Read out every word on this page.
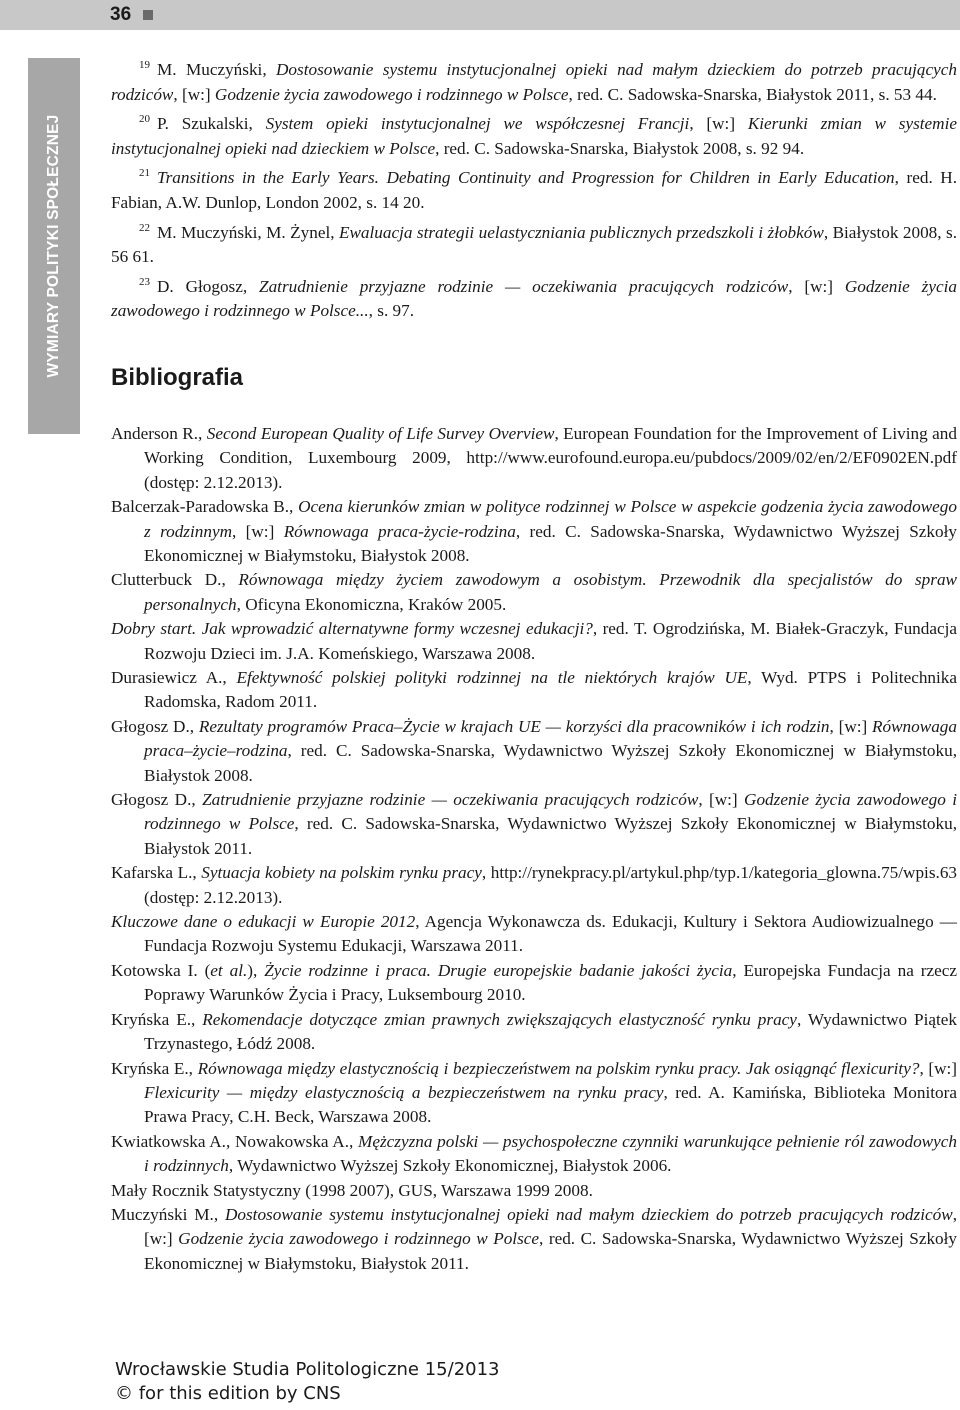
36
WYMIARY POLITYKI SPOŁECZNEJ

$^{19}$ M. Muczyński, Dostosowanie systemu instytucjonalnej opieki nad małym dzieckiem do potrzeb pracujących rodziców, [w:] Godzenie życia zawodowego i rodzinnego w Polsce, red. C. Sadowska-Snarska, Białystok 2011, s. 53 44.

$^{20}$ P. Szukalski, System opieki instytucjonalnej we współczesnej Francji, [w:] Kierunki zmian w systemie instytucjonalnej opieki nad dzieckiem w Polsce, red. C. Sadowska-Snarska, Białystok 2008, s. 92 94.

$^{21}$ Transitions in the Early Years. Debating Continuity and Progression for Children in Early Education, red. H. Fabian, A.W. Dunlop, London 2002, s. 14 20.

$^{22}$ M. Muczyński, M. Żynel, Ewaluacja strategii uelastyczniania publicznych przedszkoli i żłobków, Białystok 2008, s. 56 61.

$^{23}$ D. Głogosz, Zatrudnienie przyjazne rodzinie — oczekiwania pracujących rodziców, [w:] Godzenie życia zawodowego i rodzinnego w Polsce..., s. 97.

Bibliografia

Anderson R., Second European Quality of Life Survey Overview, European Foundation for the Improvement of Living and Working Condition, Luxembourg 2009, http://www.eurofound.europa.eu/pubdocs/2009/02/en/2/EF0902EN.pdf (dostęp: 2.12.2013).

Balcerzak-Paradowska B., Ocena kierunków zmian w polityce rodzinnej w Polsce w aspekcie godzenia życia zawodowego z rodzinnym, [w:] Równowaga praca-życie-rodzina, red. C. Sadowska-Snarska, Wydawnictwo Wyższej Szkoły Ekonomicznej w Białymstoku, Białystok 2008.

Clutterbuck D., Równowaga między życiem zawodowym a osobistym. Przewodnik dla specjalistów do spraw personalnych, Oficyna Ekonomiczna, Kraków 2005.

Dobry start. Jak wprowadzić alternatywne formy wczesnej edukacji?, red. T. Ogrodzińska, M. Białek-Graczyk, Fundacja Rozwoju Dzieci im. J.A. Komeńskiego, Warszawa 2008.

Durasiewicz A., Efektywność polskiej polityki rodzinnej na tle niektórych krajów UE, Wyd. PTPS i Politechnika Radomska, Radom 2011.

Głogosz D., Rezultaty programów Praca–Życie w krajach UE — korzyści dla pracowników i ich rodzin, [w:] Równowaga praca–życie–rodzina, red. C. Sadowska-Snarska, Wydawnictwo Wyższej Szkoły Ekonomicznej w Białymstoku, Białystok 2008.

Głogosz D., Zatrudnienie przyjazne rodzinie — oczekiwania pracujących rodziców, [w:] Godzenie życia zawodowego i rodzinnego w Polsce, red. C. Sadowska-Snarska, Wydawnictwo Wyższej Szkoły Ekonomicznej w Białymstoku, Białystok 2011.

Kafarska L., Sytuacja kobiety na polskim rynku pracy, http://rynekpracy.pl/artykul.php/typ.1/kategoria_glowna.75/wpis.63 (dostęp: 2.12.2013).

Kluczowe dane o edukacji w Europie 2012, Agencja Wykonawcza ds. Edukacji, Kultury i Sektora Audiowizualnego — Fundacja Rozwoju Systemu Edukacji, Warszawa 2011.

Kotowska I. (et al.), Życie rodzinne i praca. Drugie europejskie badanie jakości życia, Europejska Fundacja na rzecz Poprawy Warunków Życia i Pracy, Luksembourg 2010.

Kryńska E., Rekomendacje dotyczące zmian prawnych zwiększających elastyczność rynku pracy, Wydawnictwo Piątek Trzynastego, Łódź 2008.

Kryńska E., Równowaga między elastycznością i bezpieczeństwem na polskim rynku pracy. Jak osiągnąć flexicurity?, [w:] Flexicurity — między elastycznością a bezpieczeństwem na rynku pracy, red. A. Kamińska, Biblioteka Monitora Prawa Pracy, C.H. Beck, Warszawa 2008.

Kwiatkowska A., Nowakowska A., Mężczyzna polski — psychospołeczne czynniki warunkujące pełnienie ról zawodowych i rodzinnych, Wydawnictwo Wyższej Szkoły Ekonomicznej, Białystok 2006.

Mały Rocznik Statystyczny (1998 2007), GUS, Warszawa 1999 2008.

Muczyński M., Dostosowanie systemu instytucjonalnej opieki nad małym dzieckiem do potrzeb pracujących rodziców, [w:] Godzenie życia zawodowego i rodzinnego w Polsce, red. C. Sadowska-Snarska, Wydawnictwo Wyższej Szkoły Ekonomicznej w Białymstoku, Białystok 2011.

Wrocławskie Studia Politologiczne 15/2013
© for this edition by CNS
